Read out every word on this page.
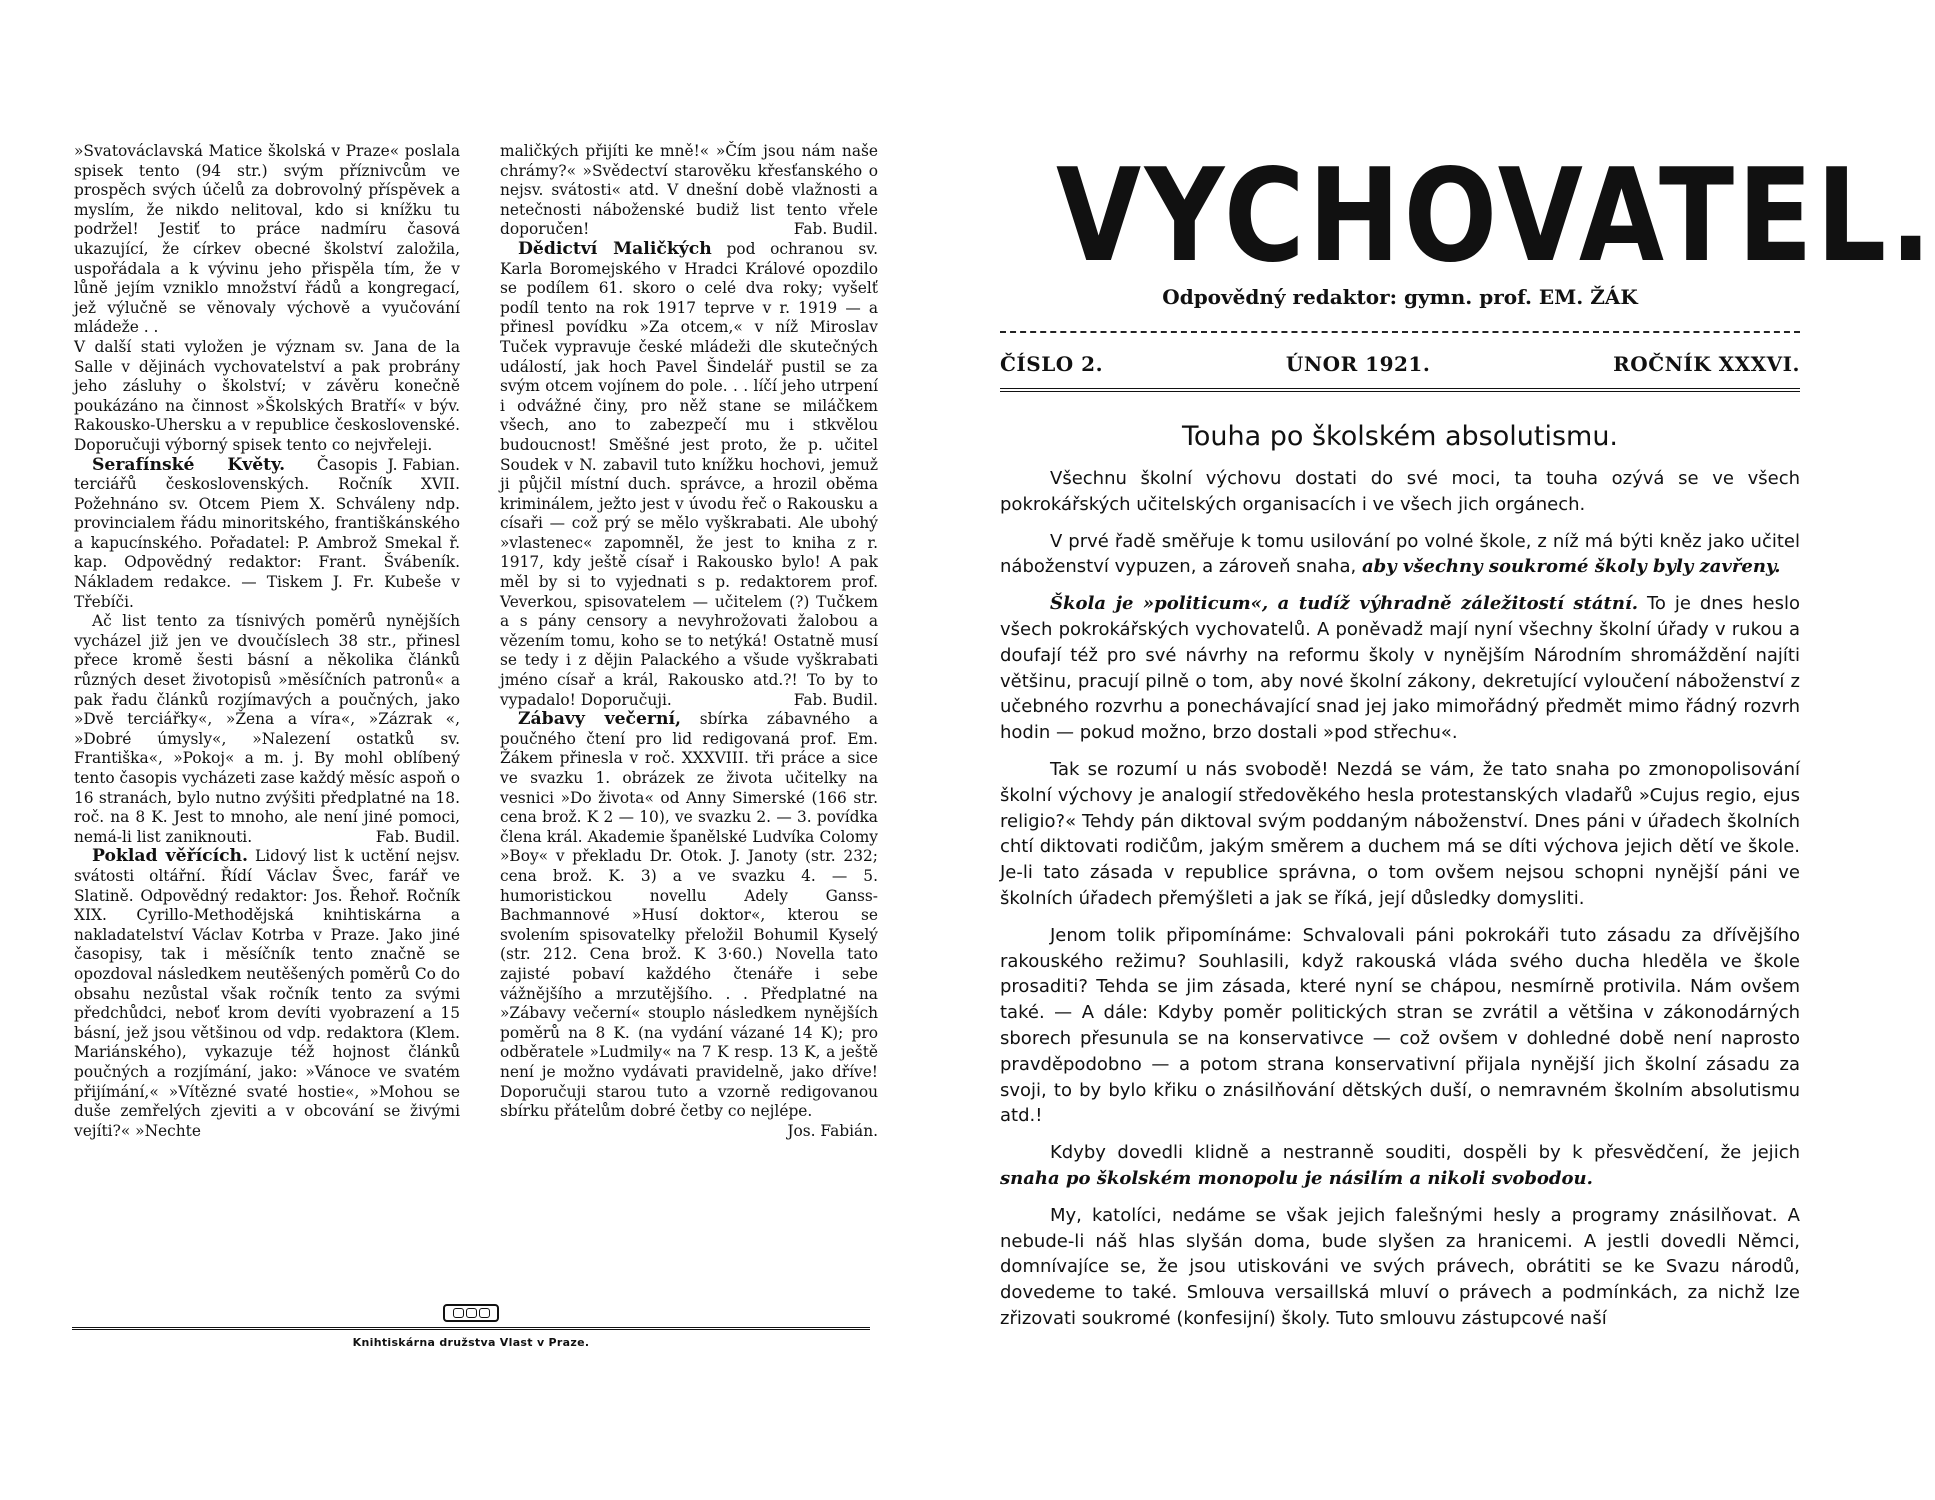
»Svatováclavská Matice školská v Praze« poslala spisek tento (94 str.) svým příznivcům ve prospěch svých účelů za dobrovolný příspěvek a myslím, že nikdo nelitoval, kdo si knížku tu podržel! Jestiť to práce nadmíru časová ukazující, že církev obecné školství založila, uspořádala a k vývinu jeho přispěla tím, že v lůně jejím vzniklo množství řádů a kongregací, jež výlučně se věnovaly výchově a vyučování mládeže . .

V další stati vyložen je význam sv. Jana de la Salle v dějinách vychovatelství a pak probrány jeho zásluhy o školství; v závěru konečně poukázáno na činnost »Školských Bratří« v býv. Rakousko-Uhersku a v republice československé. Doporučuji výborný spisek tento co nejvřeleji.
J. Fabian.

Serafínské Květy. Časopis terciářů československých. Ročník XVII. Požehnáno sv. Otcem Piem X. Schváleny ndp. provincialem řádu minoritského, františkánského a kapucínského. Pořadatel: P. Ambrož Smekal ř. kap. Odpovědný redaktor: Frant. Švábeník. Nákladem redakce. — Tiskem J. Fr. Kubeše v Třebíči.

Ač list tento za tísnivých poměrů nynějších vycházel již jen ve dvoučíslech 38 str., přinesl přece kromě šesti básní a několika článků různých deset životopisů »měsíčních patronů« a pak řadu článků rozjímavých a poučných, jako »Dvě terciářky«, »Žena a víra«, »Zázrak «, »Dobré úmysly«, »Nalezení ostatků sv. Františka«, »Pokoj« a m. j. By mohl oblíbený tento časopis vycházeti zase každý měsíc aspoň o 16 stranách, bylo nutno zvýšiti předplatné na 18. roč. na 8 K. Jest to mnoho, ale není jiné pomoci, nemá-li list zaniknouti.	Fab. Budil.

Poklad věřících. Lidový list k uctění nejsv. svátosti oltářní. Řídí Václav Švec, farář ve Slatině. Odpovědný redaktor: Jos. Řehoř. Ročník XIX. Cyrillo-Methodějská knihtiskárna a nakladatelství Václav Kotrba v Praze. Jako jiné časopisy, tak i měsíčník tento značně se opozdoval následkem neutěšených poměrů Co do obsahu nezůstal však ročník tento za svými předchůdci, neboť krom devíti vyobrazení a 15 básní, jež jsou většinou od vdp. redaktora (Klem. Mariánského), vykazuje též hojnost článků poučných a rozjímání, jako: »Vánoce ve svatém přijímání,« »Vítězné svaté hostie«, »Mohou se duše zemřelých zjeviti a v obcování se živými vejíti?« »Nechte

maličkých přijíti ke mně!« »Čím jsou nám naše chrámy?« »Svědectví starověku křesťanského o nejsv. svátosti« atd. V dnešní době vlažnosti a netečnosti náboženské budiž list tento vřele doporučen!	Fab. Budil.

Dědictví Maličkých pod ochranou sv. Karla Boromejského v Hradci Králové opozdilo se podílem 61. skoro o celé dva roky; vyšelť podíl tento na rok 1917 teprve v r. 1919 — a přinesl povídku »Za otcem,« v níž Miroslav Tuček vypravuje české mládeži dle skutečných událostí, jak hoch Pavel Šindelář pustil se za svým otcem vojínem do pole. . . líčí jeho utrpení i odvážné činy, pro něž stane se miláčkem všech, ano to zabezpečí mu i stkvělou budoucnost! Směšné jest proto, že p. učitel Soudek v N. zabavil tuto knížku hochovi, jemuž ji půjčil místní duch. správce, a hrozil oběma kriminálem, ježto jest v úvodu řeč o Rakousku a císaři — což prý se mělo vyškrabati. Ale ubohý »vlastenec« zapomněl, že jest to kniha z r. 1917, kdy ještě císař i Rakousko bylo! A pak měl by si to vyjednati s p. redaktorem prof. Veverkou, spisovatelem — učitelem (?) Tučkem a s pány censory a nevyhrožovati žalobou a vězením tomu, koho se to netýká! Ostatně musí se tedy i z dějin Palackého a všude vyškrabati jméno císař a král, Rakousko atd.?! To by to vypadalo! Doporučuji.	Fab. Budil.

Zábavy večerní, sbírka zábavného a poučného čtení pro lid redigovaná prof. Em. Žákem přinesla v roč. XXXVIII. tři práce a sice ve svazku 1. obrázek ze života učitelky na vesnici »Do života« od Anny Simerské (166 str. cena brož. K 2 — 10), ve svazku 2. — 3. povídka člena král. Akademie španělské Ludvíka Colomy »Boy« v překladu Dr. Otok. J. Janoty (str. 232; cena brož. K. 3) a ve svazku 4. — 5. humoristickou novellu Adely Ganss-Bachmannové »Husí doktor«, kterou se svolením spisovatelky přeložil Bohumil Kyselý (str. 212. Cena brož. K 3·60.) Novella tato zajisté pobaví každého čtenáře i sebe vážnějšího a mrzutějšího. . . Předplatné na »Zábavy večerní« stouplo následkem nynějších poměrů na 8 K. (na vydání vázané 14 K); pro odběratele »Ludmily« na 7 K resp. 13 K, a ještě není je možno vydávati pravidelně, jako dříve! Doporučuji starou tuto a vzorně redigovanou sbírku přátelům dobré četby co nejlépe.
Jos. Fabián.

Knihtiskárna družstva Vlast v Praze.
VYCHOVATEL.
Odpovědný redaktor: gymn. prof. EM. ŽÁK
ČÍSLO 2.	ÚNOR 1921.	ROČNÍK XXXVI.
Touha po školském absolutismu.

Všechnu školní výchovu dostati do své moci, ta touha ozývá se ve všech pokrokářských učitelských organisacích i ve všech jich orgánech.

V prvé řadě směřuje k tomu usilování po volné škole, z níž má býti kněz jako učitel náboženství vypuzen, a zároveň snaha, aby všechny soukromé školy byly zavřeny.

Škola je »politicum«, a tudíž výhradně záležitostí státní. To je dnes heslo všech pokrokářských vychovatelů. A poněvadž mají nyní všechny školní úřady v rukou a doufají též pro své návrhy na reformu školy v nynějším Národním shromáždění najíti většinu, pracují pilně o tom, aby nové školní zákony, dekretující vyloučení náboženství z učebného rozvrhu a ponechávající snad jej jako mimořádný předmět mimo řádný rozvrh hodin — pokud možno, brzo dostali »pod střechu«.

Tak se rozumí u nás svobodě! Nezdá se vám, že tato snaha po zmonopolisování školní výchovy je analogií středověkého hesla protestanských vladařů »Cujus regio, ejus religio?« Tehdy pán diktoval svým poddaným náboženství. Dnes páni v úřadech školních chtí diktovati rodičům, jakým směrem a duchem má se díti výchova jejich dětí ve škole. Je-li tato zásada v republice správna, o tom ovšem nejsou schopni nynější páni ve školních úřadech přemýšleti a jak se říká, její důsledky domysliti.

Jenom tolik připomínáme: Schvalovali páni pokrokáři tuto zásadu za dřívějšího rakouského režimu? Souhlasili, když rakouská vláda svého ducha hleděla ve škole prosaditi? Tehda se jim zásada, které nyní se chápou, nesmírně protivila. Nám ovšem také. — A dále: Kdyby poměr politických stran se zvrátil a většina v zákonodárných sborech přesunula se na konservativce — což ovšem v dohledné době není naprosto pravděpodobno — a potom strana konservativní přijala nynější jich školní zásadu za svoji, to by bylo křiku o znásilňování dětských duší, o nemravném školním absolutismu atd.!

Kdyby dovedli klidně a nestranně souditi, dospěli by k přesvědčení, že jejich snaha po školském monopolu je násilím a nikoli svobodou.

My, katolíci, nedáme se však jejich falešnými hesly a programy znásilňovat. A nebude-li náš hlas slyšán doma, bude slyšen za hranicemi. A jestli dovedli Němci, domnívajíce se, že jsou utiskováni ve svých právech, obrátiti se ke Svazu národů, dovedeme to také. Smlouva versaillská mluví o právech a podmínkách, za nichž lze zřizovati soukromé (konfesijní) školy. Tuto smlouvu zástupcové naší
